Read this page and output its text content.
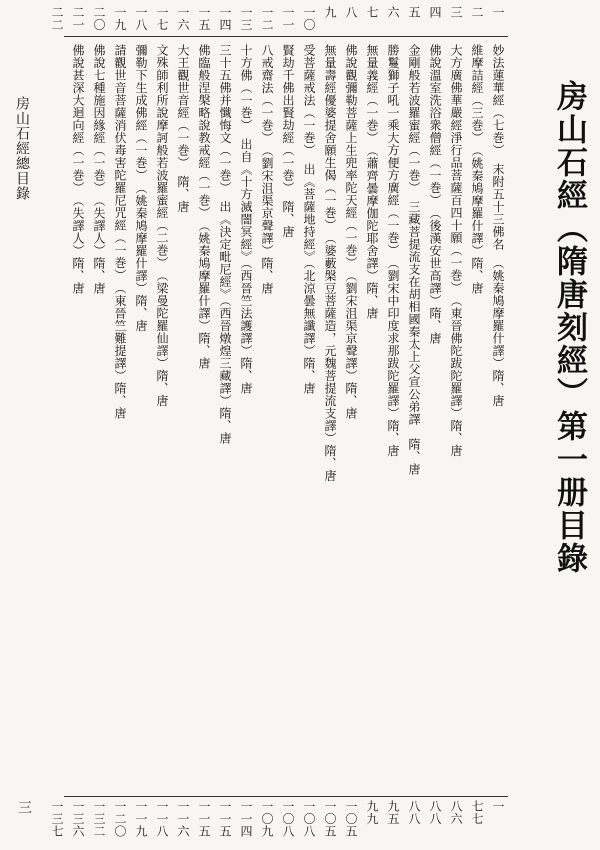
房山石經（隋唐刻經）第一册目錄
房山石經總目錄
三
一
妙法蓮華經（七巻）　末附五十三佛名　（姚秦鳩摩羅什譯）隋、唐
一
二
維摩詰經（三巻）　（姚秦鳩摩羅什譯）隋、唐
七七
三
大方廣佛華嚴經淨行品菩薩百四十願（一巻）　（東晉佛陀跋陀羅譯）隋、唐
八六
四
佛說溫室洗浴衆僧經（一巻）　（後漢安世高譯）隋、唐
八八
五
金剛般若波羅蜜經（一巻）　三藏菩提流支在胡相國秦太上父宣公弟譯　隋、唐
八八
六
勝鬘獅子吼一乘大方便方廣經（一巻）　（劉宋中印度求那跋陀羅譯）隋、唐
九五
七
無量義經（一巻）　（蕭齊曇摩伽陀耶舍譯）隋、唐
九九
八
佛說觀彌勒菩薩上生兜率陀天經（一巻）　（劉宋沮渠京聲譯）隋、唐
一〇五
九
無量壽經優婆提舍願生偈（一巻）　（婆藪槃豆菩薩造，元魏菩提流支譯）隋、唐
一〇五
一〇
受菩薩戒法（一巻）　出《菩薩地持經》（北涼曇無讖譯）隋、唐
一〇八
一一
賢劫千佛出賢劫經（一巻）　隋、唐
一〇八
一二
八戒齋法（一巻）　（劉宋沮渠京聲譯）隋、唐
一〇九
一三
十方佛（一巻）　出自《十方滅闇冥經》（西晉竺法護譯）隋、唐
一一四
一四
三十五佛并懺悔文（一巻）　出《決定毗尼經》（西晉燉煌三藏譯）隋、唐
一一五
一五
佛臨般涅槃略說教戒經（一巻）　（姚秦鳩摩羅什譯）隋、唐
一一五
一六
大王觀世音經（一巻）　隋、唐
一一六
一七
文殊師利所說摩訶般若波羅蜜經（二巻）　（梁曼陀羅仙譯）隋、唐
一一八
一八
彌勒下生成佛經（一巻）　（姚秦鳩摩羅什譯）隋、唐
一一九
一九
請觀世音菩薩消伏毒害陀羅尼咒經（一巻）　（東晉竺難提譯）隋、唐
一二〇
二〇
佛說七種施因緣經（一巻）　（失譯人）隋、唐
一三二
二一
佛說甚深大迴向經（一巻）　（失譯人）隋、唐
一三六
二二
一三七
